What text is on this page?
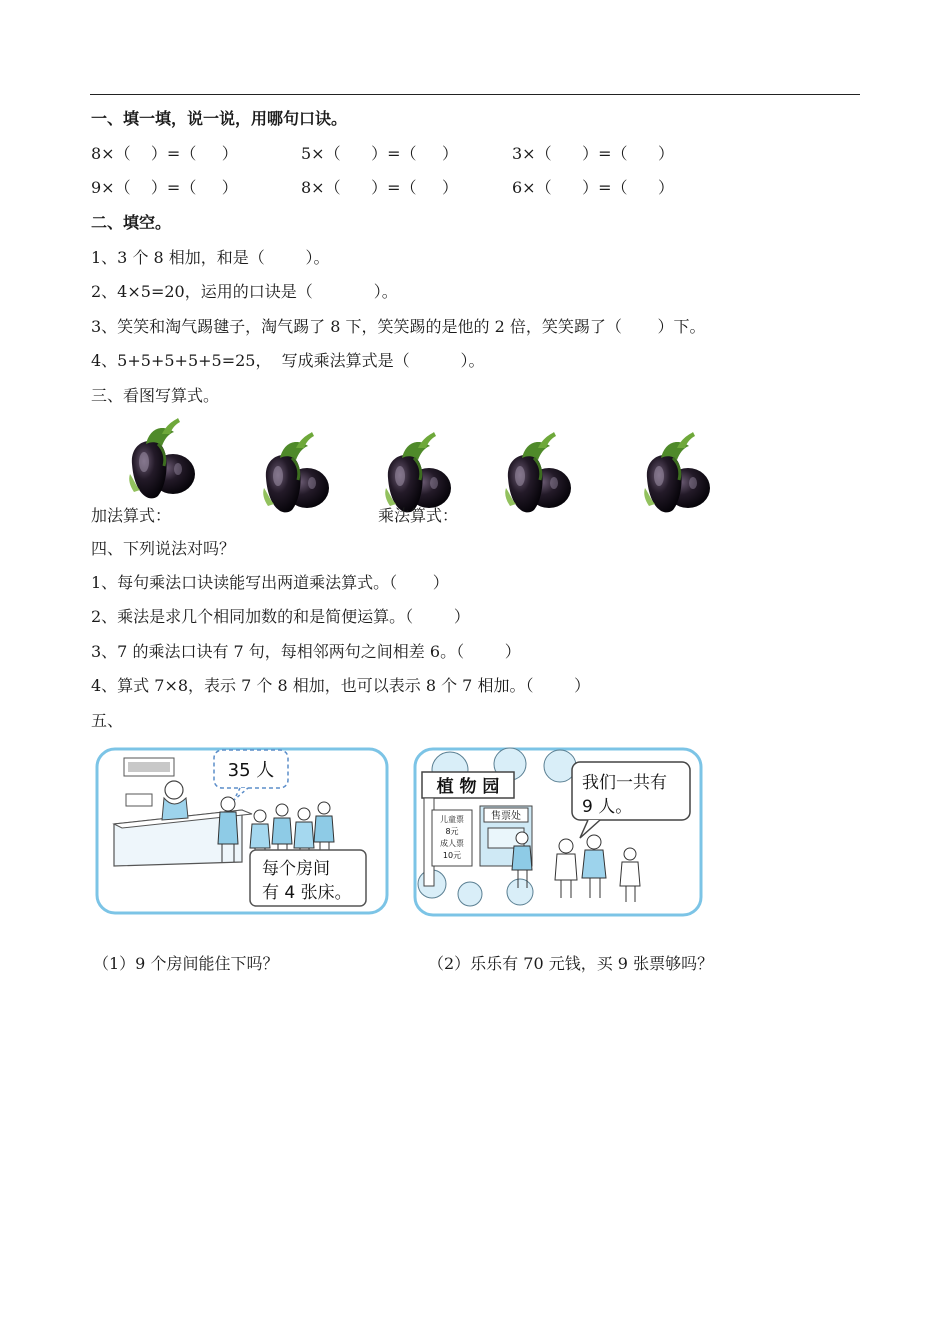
一、填一填，说一说，用哪句口诀。
8×（    ）=（     ）	5×（      ）=（     ）	3×（      ）=（      ）
9×（    ）=（     ）	8×（      ）=（     ）	6×（      ）=（      ）
二、填空。
1、3 个 8 相加，和是（        ）。
2、4×5=20，运用的口诀是（            ）。
3、笑笑和淘气踢毽子，淘气踢了 8 下，笑笑踢的是他的 2 倍，笑笑踢了（       ）下。
4、5+5+5+5+5=25，  写成乘法算式是（          ）。
三、看图写算式。
加法算式：	乘法算式：
四、下列说法对吗？
1、每句乘法口诀读能写出两道乘法算式。（       ）
2、乘法是求几个相同加数的和是简便运算。（        ）
3、7 的乘法口诀有 7 句，每相邻两句之间相差 6。（        ）
4、算式 7×8，表示 7 个 8 相加，也可以表示 8 个 7 相加。（        ）
五、
35 人
每个房间
有 4 张床。
植 物 园
儿童票
8元
成人票
10元
售票处
我们一共有
9 人。
（1）9 个房间能住下吗？	（2）乐乐有 70 元钱，买 9 张票够吗？
